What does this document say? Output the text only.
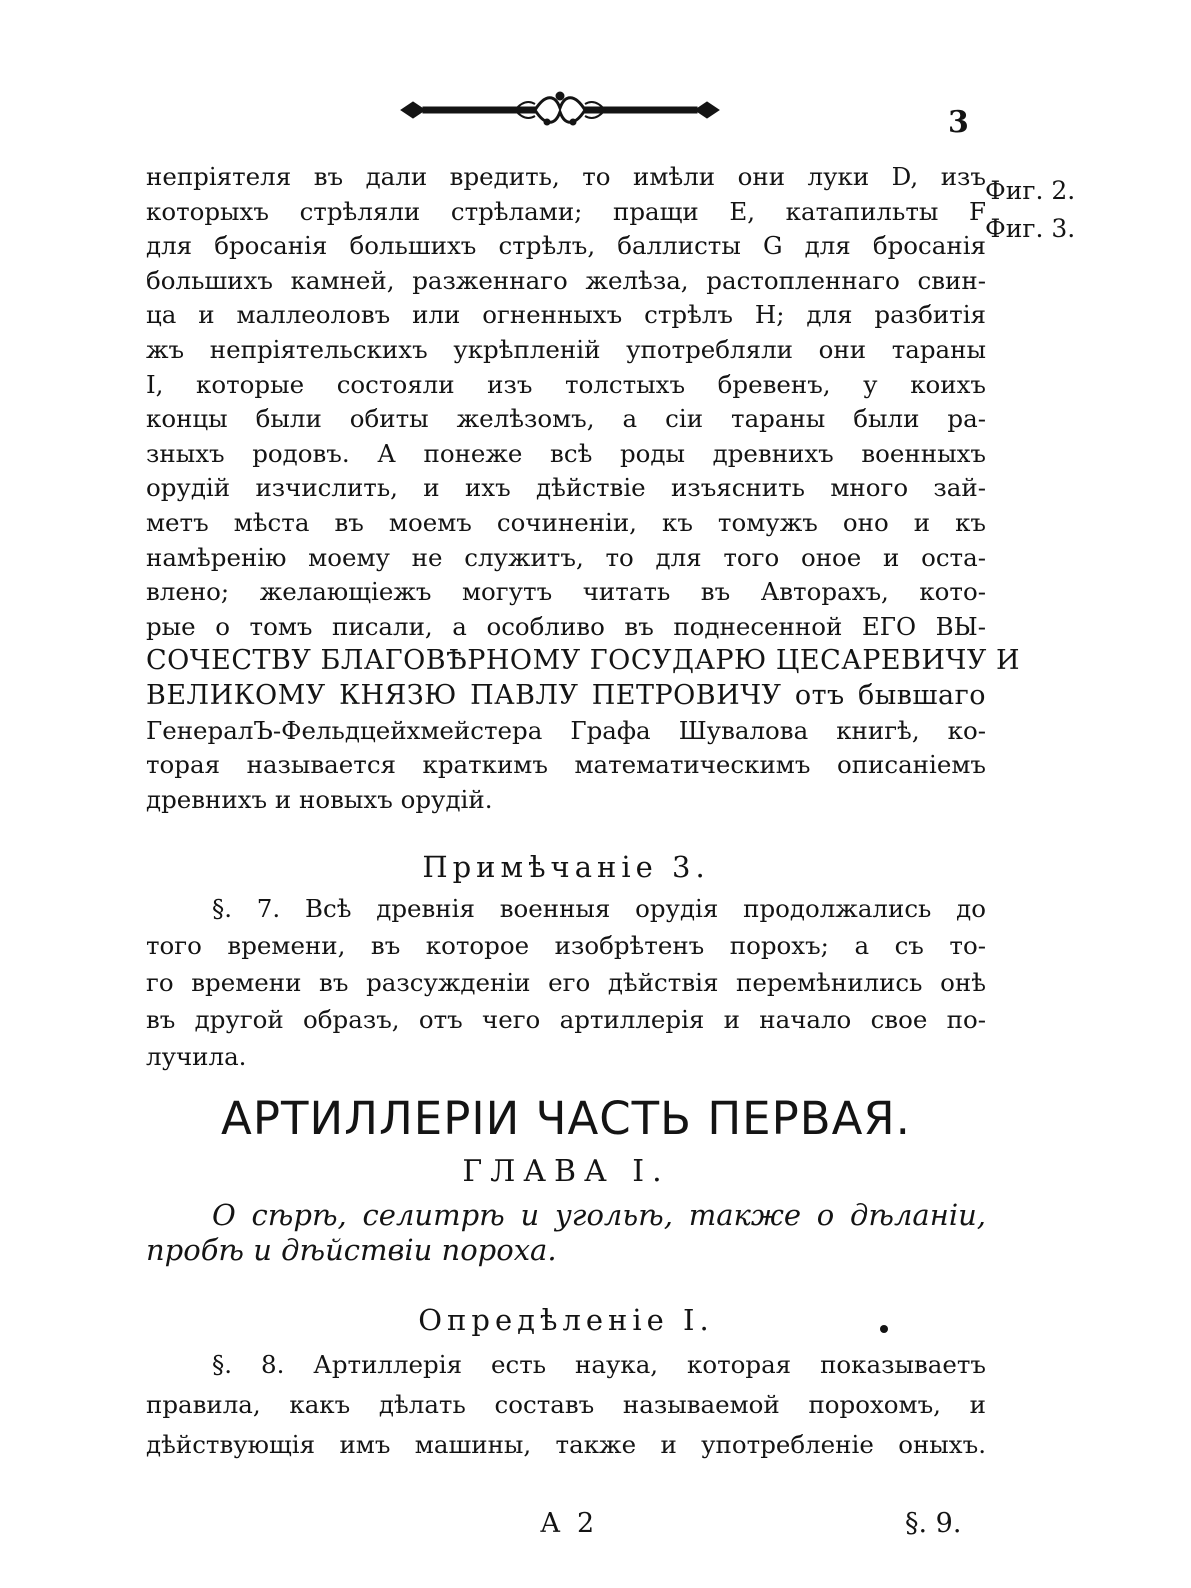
3
Фиг. 2.
Фиг. 3.
непріятеля въ дали вредить, то имѣли они луки D, изъ
которыхъ стрѣляли стрѣлами; пращи E, катапильты F
для бросанія большихъ стрѣлъ, баллисты G для бросанія
большихъ камней, разженнаго желѣза, растопленнаго свин-
ца и маллеоловъ или огненныхъ стрѣлъ H; для разбитія
жъ непріятельскихъ укрѣпленій употребляли они тараны
I, которые состояли изъ толстыхъ бревенъ, у коихъ
концы были обиты желѣзомъ, а сіи тараны были ра-
зныхъ родовъ. А понеже всѣ роды древнихъ военныхъ
орудій изчислить, и ихъ дѣйствіе изъяснить много зай-
метъ мѣста въ моемъ сочиненіи, къ томужъ оно и къ
намѣренію моему не служитъ, то для того оное и оста-
влено; желающіежъ могутъ читать въ Авторахъ, кото-
рые о томъ писали, а особливо въ поднесенной ЕГО ВЫ-
СОЧЕСТВУ БЛАГОВѢРНОМУ ГОСУДАРЮ ЦЕСАРЕВИЧУ И
ВЕЛИКОМУ КНЯЗЮ ПАВЛУ ПЕТРОВИЧУ отъ бывшаго
ГенералЪ-Фельдцейхмейстера Графа Шувалова книгѣ, ко-
торая называется краткимъ математическимъ описаніемъ
древнихъ и новыхъ орудій.
Примѣчаніе 3.
§. 7. Всѣ древнія военныя орудія продолжались до
того времени, въ которое изобрѣтенъ порохъ; а съ то-
го времени въ разсужденіи его дѣйствія перемѣнились онѣ
въ другой образъ, отъ чего артиллерія и начало свое по-
лучила.
АРТИЛЛЕРІИ ЧАСТЬ ПЕРВАЯ.
ГЛАВА I.
О сѣрѣ, селитрѣ и угольѣ, также о дѣланіи,
пробѣ и дѣйствіи пороха.
Опредѣленіе I.
§. 8. Артиллерія есть наука, которая показываетъ
правила, какъ дѣлать составъ называемой порохомъ, и
дѣйствующія имъ машины, также и употребленіе оныхъ.
А 2	§. 9.
